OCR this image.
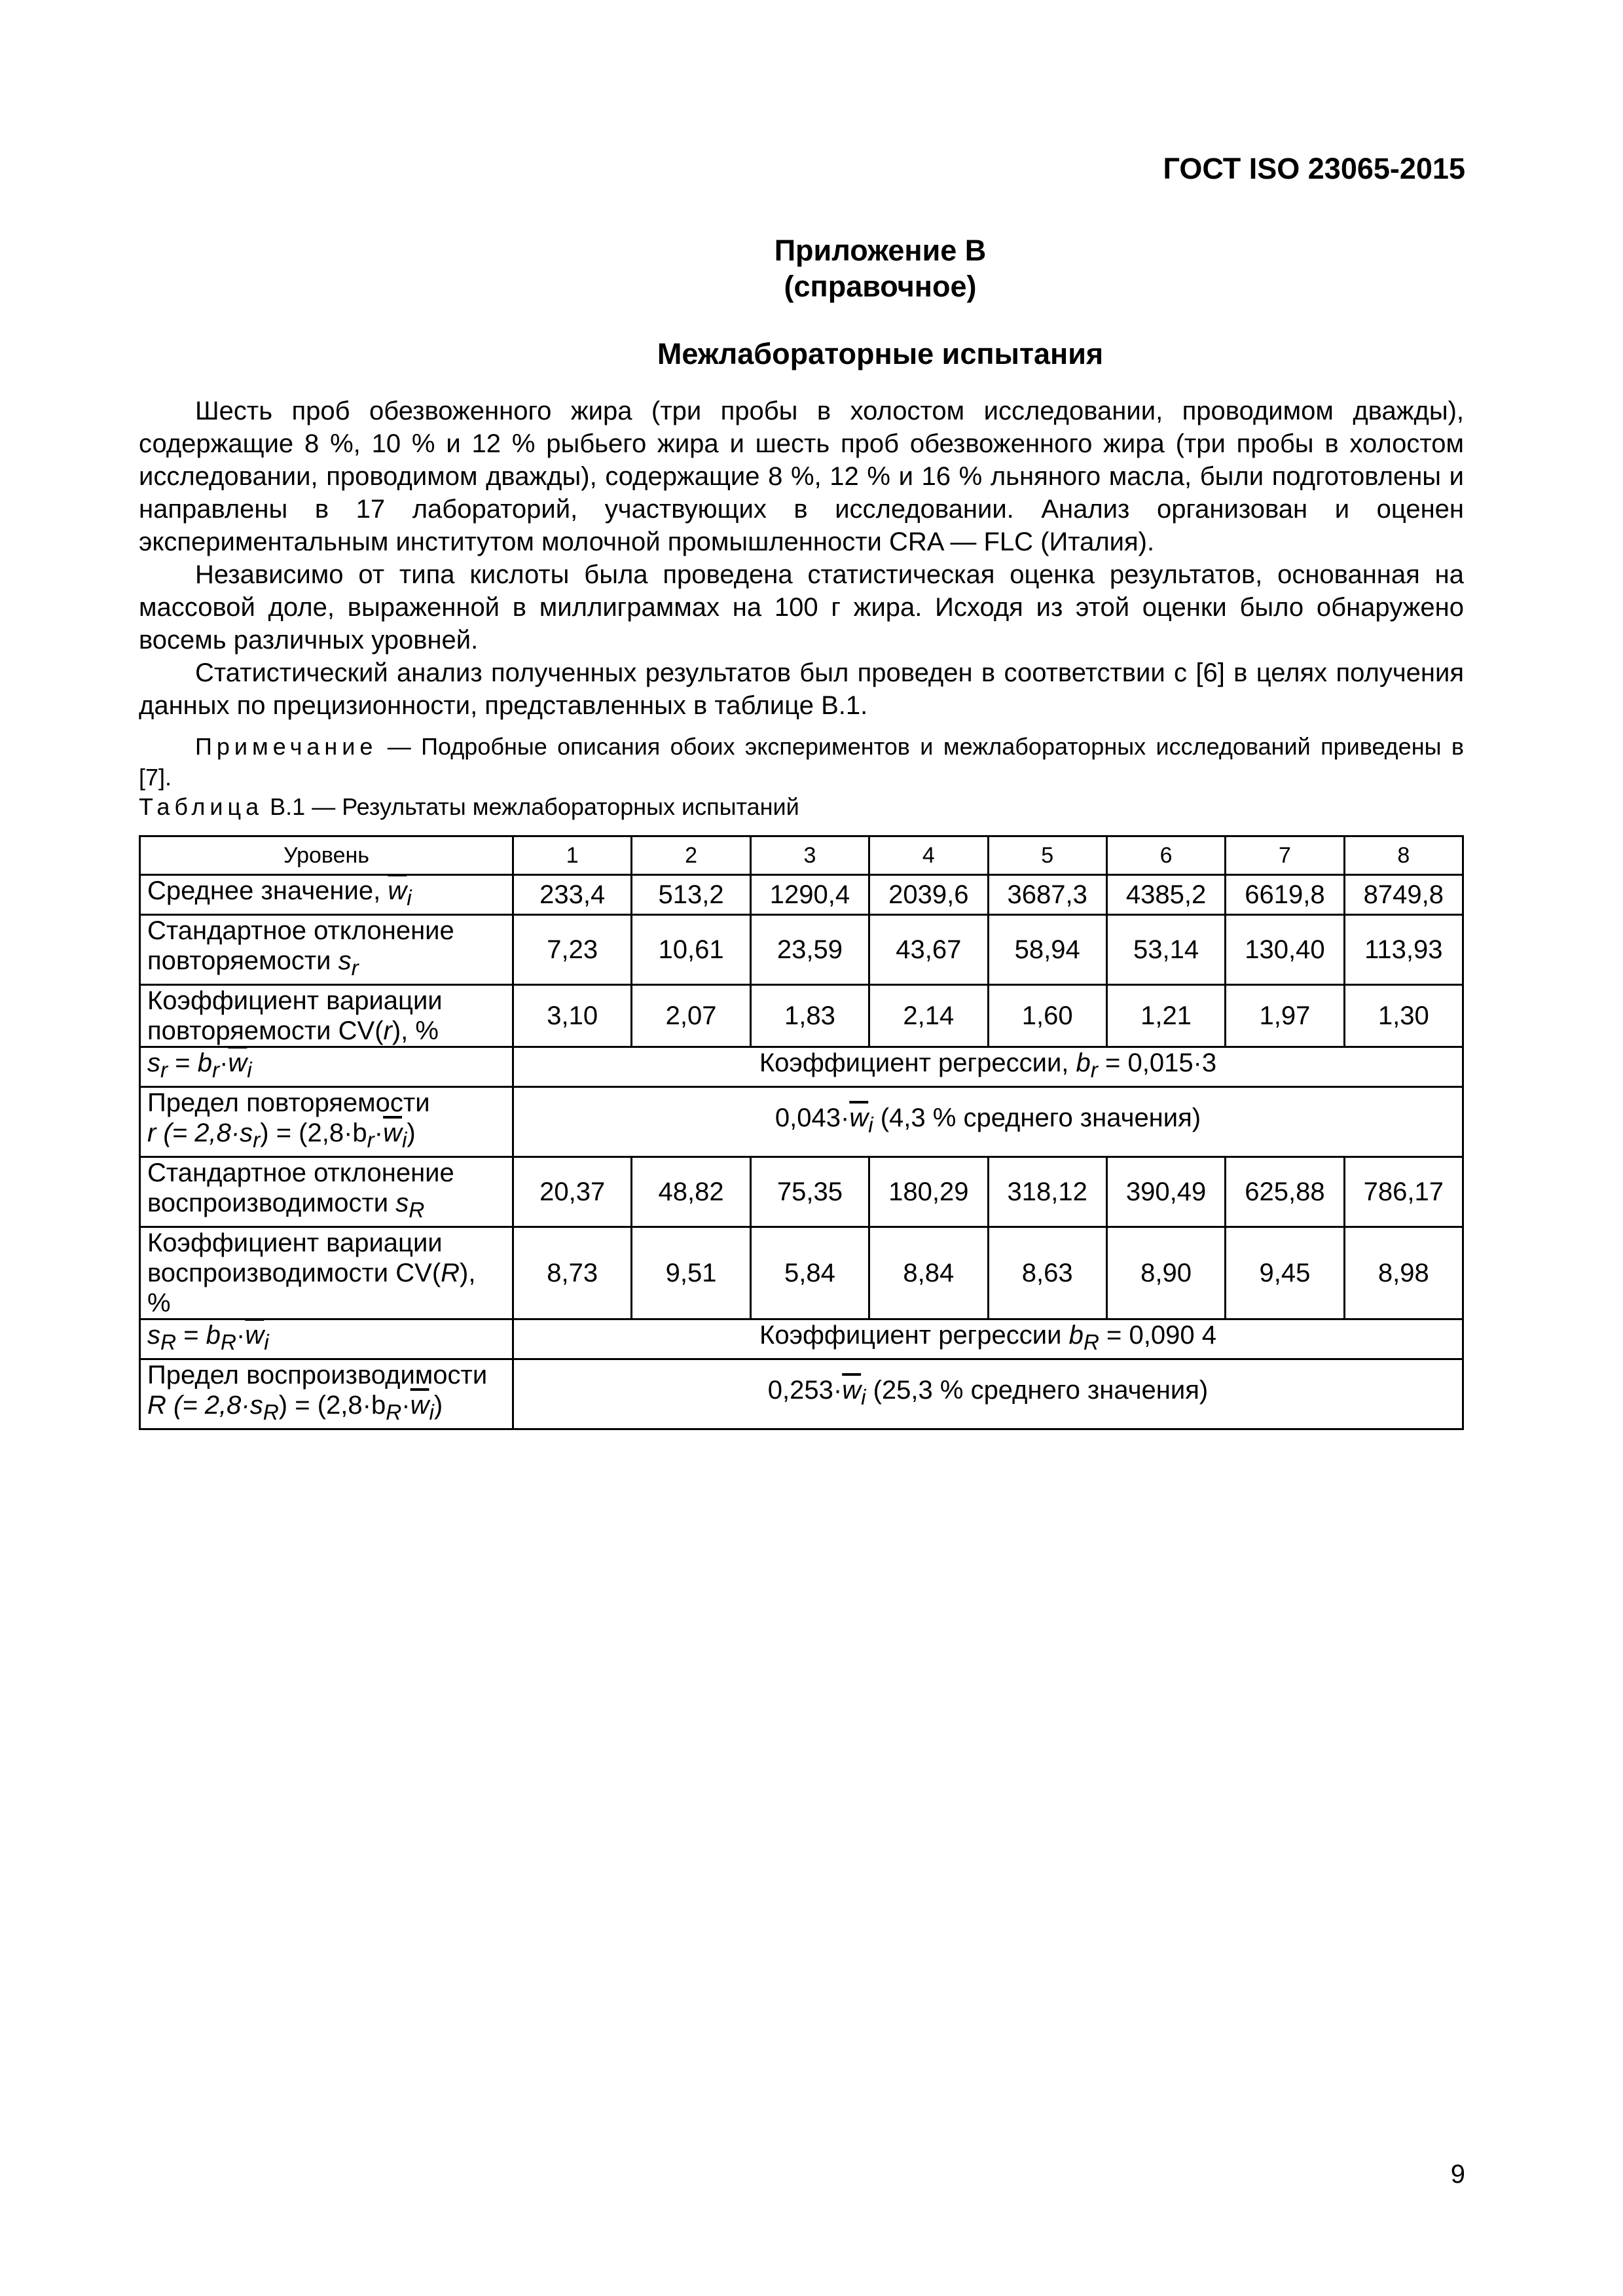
ГОСТ ISO 23065-2015
Приложение В
(справочное)
Межлабораторные испытания

Шесть проб обезвоженного жира (три пробы в холостом исследовании, проводимом дважды), содержащие 8 %, 10 % и 12 % рыбьего жира и шесть проб обезвоженного жира (три пробы в холостом исследовании, проводимом дважды), содержащие 8 %, 12 % и 16 % льняного масла, были подготовлены и направлены в 17 лабораторий, участвующих в исследовании. Анализ организован и оценен экспериментальным институтом молочной промышленности CRA — FLC (Италия).

Независимо от типа кислоты была проведена статистическая оценка результатов, основанная на массовой доле, выраженной в миллиграммах на 100 г жира. Исходя из этой оценки было обнаружено восемь различных уровней.

Статистический анализ полученных результатов был проведен в соответствии с [6] в целях получения данных по прецизионности, представленных в таблице В.1.

Примечание — Подробные описания обоих экспериментов и межлабораторных исследований приведены в [7].

Таблица В.1 — Результаты межлабораторных испытаний
Уровень	1	2	3	4	5	6	7	8
Среднее значение, $\overline{w}_i$	233,4	513,2	1290,4	2039,6	3687,3	4385,2	6619,8	8749,8
Стандартное отклонение
повторяемости $s_r$	7,23	10,61	23,59	43,67	58,94	53,14	130,40	113,93
Коэффициент вариации
повторяемости CV(r), %	3,10	2,07	1,83	2,14	1,60	1,21	1,97	1,30
$s_r = b_r\cdot\overline{w}_i$	Коэффициент регрессии, $b_r = 0,015\cdot 3$							
Предел повторяемости
r (= $2,8\cdot s_r) = (2,8\cdot b_r\cdot\overline{w}_i)$	$0,043\cdot\overline{w}_i$ (4,3 % среднего значения)							
Стандартное отклонение
воспроизводимости $s_R$	20,37	48,82	75,35	180,29	318,12	390,49	625,88	786,17
Коэффициент вариации
воспроизводимости CV(R),
%	8,73	9,51	5,84	8,84	8,63	8,90	9,45	8,98
$s_R = b_R\cdot\overline{w}_i$	Коэффициент регрессии $b_R = 0,090$ 4							
Предел воспроизводимости
R (= $2,8\cdot s_R) = (2,8\cdot b_R\cdot\overline{w}_i)$	$0,253\cdot\overline{w}_i$ (25,3 % среднего значения)							
9
